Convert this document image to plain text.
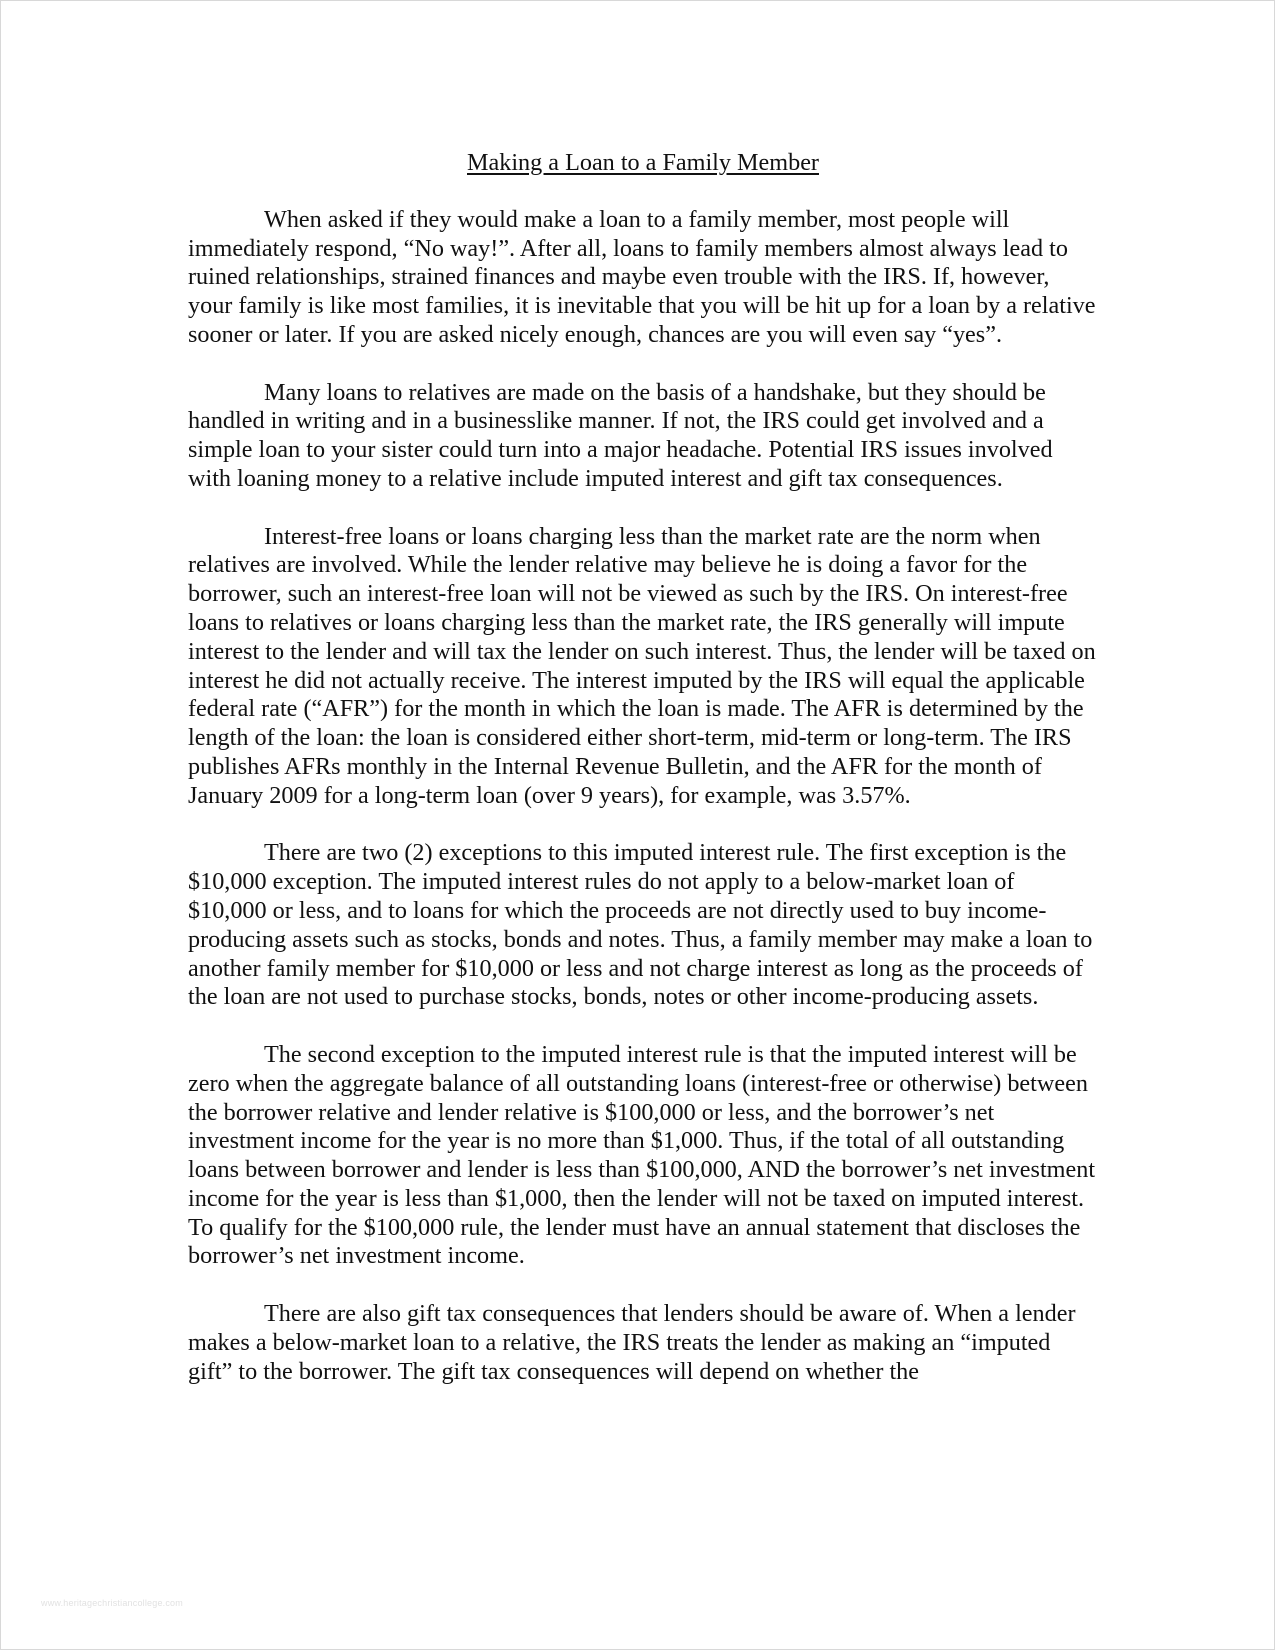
Making a Loan to a Family Member

When asked if they would make a loan to a family member, most people will immediately respond, “No way!”. After all, loans to family members almost always lead to ruined relationships, strained finances and maybe even trouble with the IRS. If, however, your family is like most families, it is inevitable that you will be hit up for a loan by a relative sooner or later. If you are asked nicely enough, chances are you will even say “yes”.

Many loans to relatives are made on the basis of a handshake, but they should be handled in writing and in a businesslike manner. If not, the IRS could get involved and a simple loan to your sister could turn into a major headache. Potential IRS issues involved with loaning money to a relative include imputed interest and gift tax consequences.

Interest-free loans or loans charging less than the market rate are the norm when relatives are involved. While the lender relative may believe he is doing a favor for the borrower, such an interest-free loan will not be viewed as such by the IRS. On interest-free loans to relatives or loans charging less than the market rate, the IRS generally will impute interest to the lender and will tax the lender on such interest. Thus, the lender will be taxed on interest he did not actually receive. The interest imputed by the IRS will equal the applicable federal rate (“AFR”) for the month in which the loan is made. The AFR is determined by the length of the loan: the loan is considered either short-term, mid-term or long-term. The IRS publishes AFRs monthly in the Internal Revenue Bulletin, and the AFR for the month of January 2009 for a long-term loan (over 9 years), for example, was 3.57%.

There are two (2) exceptions to this imputed interest rule. The first exception is the $10,000 exception. The imputed interest rules do not apply to a below-market loan of $10,000 or less, and to loans for which the proceeds are not directly used to buy income-producing assets such as stocks, bonds and notes. Thus, a family member may make a loan to another family member for $10,000 or less and not charge interest as long as the proceeds of the loan are not used to purchase stocks, bonds, notes or other income-producing assets.

The second exception to the imputed interest rule is that the imputed interest will be zero when the aggregate balance of all outstanding loans (interest-free or otherwise) between the borrower relative and lender relative is $100,000 or less, and the borrower’s net investment income for the year is no more than $1,000. Thus, if the total of all outstanding loans between borrower and lender is less than $100,000, AND the borrower’s net investment income for the year is less than $1,000, then the lender will not be taxed on imputed interest. To qualify for the $100,000 rule, the lender must have an annual statement that discloses the borrower’s net investment income.

There are also gift tax consequences that lenders should be aware of. When a lender makes a below-market loan to a relative, the IRS treats the lender as making an “imputed gift” to the borrower. The gift tax consequences will depend on whether the

www.heritagechristiancollege.com
